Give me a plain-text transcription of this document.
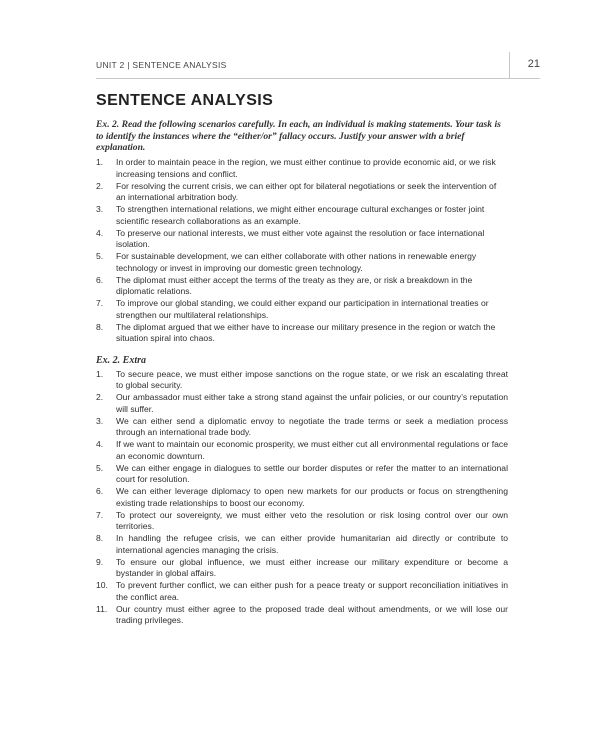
UNIT 2 | SENTENCE ANALYSIS	21
SENTENCE ANALYSIS

Ex. 2. Read the following scenarios carefully. In each, an individual is making statements. Your task is to identify the instances where the “either/or” fallacy occurs. Justify your answer with a brief explanation.

1. In order to maintain peace in the region, we must either continue to provide economic aid, or we risk increasing tensions and conflict.
2. For resolving the current crisis, we can either opt for bilateral negotiations or seek the intervention of an international arbitration body.
3. To strengthen international relations, we might either encourage cultural exchanges or foster joint scientific research collaborations as an example.
4. To preserve our national interests, we must either vote against the resolution or face international isolation.
5. For sustainable development, we can either collaborate with other nations in renewable energy technology or invest in improving our domestic green technology.
6. The diplomat must either accept the terms of the treaty as they are, or risk a breakdown in the diplomatic relations.
7. To improve our global standing, we could either expand our participation in international treaties or strengthen our multilateral relationships.
8. The diplomat argued that we either have to increase our military presence in the region or watch the situation spiral into chaos.

Ex. 2. Extra

1. To secure peace, we must either impose sanctions on the rogue state, or we risk an escalating threat to global security.
2. Our ambassador must either take a strong stand against the unfair policies, or our country’s reputation will suffer.
3. We can either send a diplomatic envoy to negotiate the trade terms or seek a mediation process through an international trade body.
4. If we want to maintain our economic prosperity, we must either cut all environmental regulations or face an economic downturn.
5. We can either engage in dialogues to settle our border disputes or refer the matter to an international court for resolution.
6. We can either leverage diplomacy to open new markets for our products or focus on strengthening existing trade relationships to boost our economy.
7. To protect our sovereignty, we must either veto the resolution or risk losing control over our own territories.
8. In handling the refugee crisis, we can either provide humanitarian aid directly or contribute to international agencies managing the crisis.
9. To ensure our global influence, we must either increase our military expenditure or become a bystander in global affairs.
10. To prevent further conflict, we can either push for a peace treaty or support reconciliation initiatives in the conflict area.
11. Our country must either agree to the proposed trade deal without amendments, or we will lose our trading privileges.
